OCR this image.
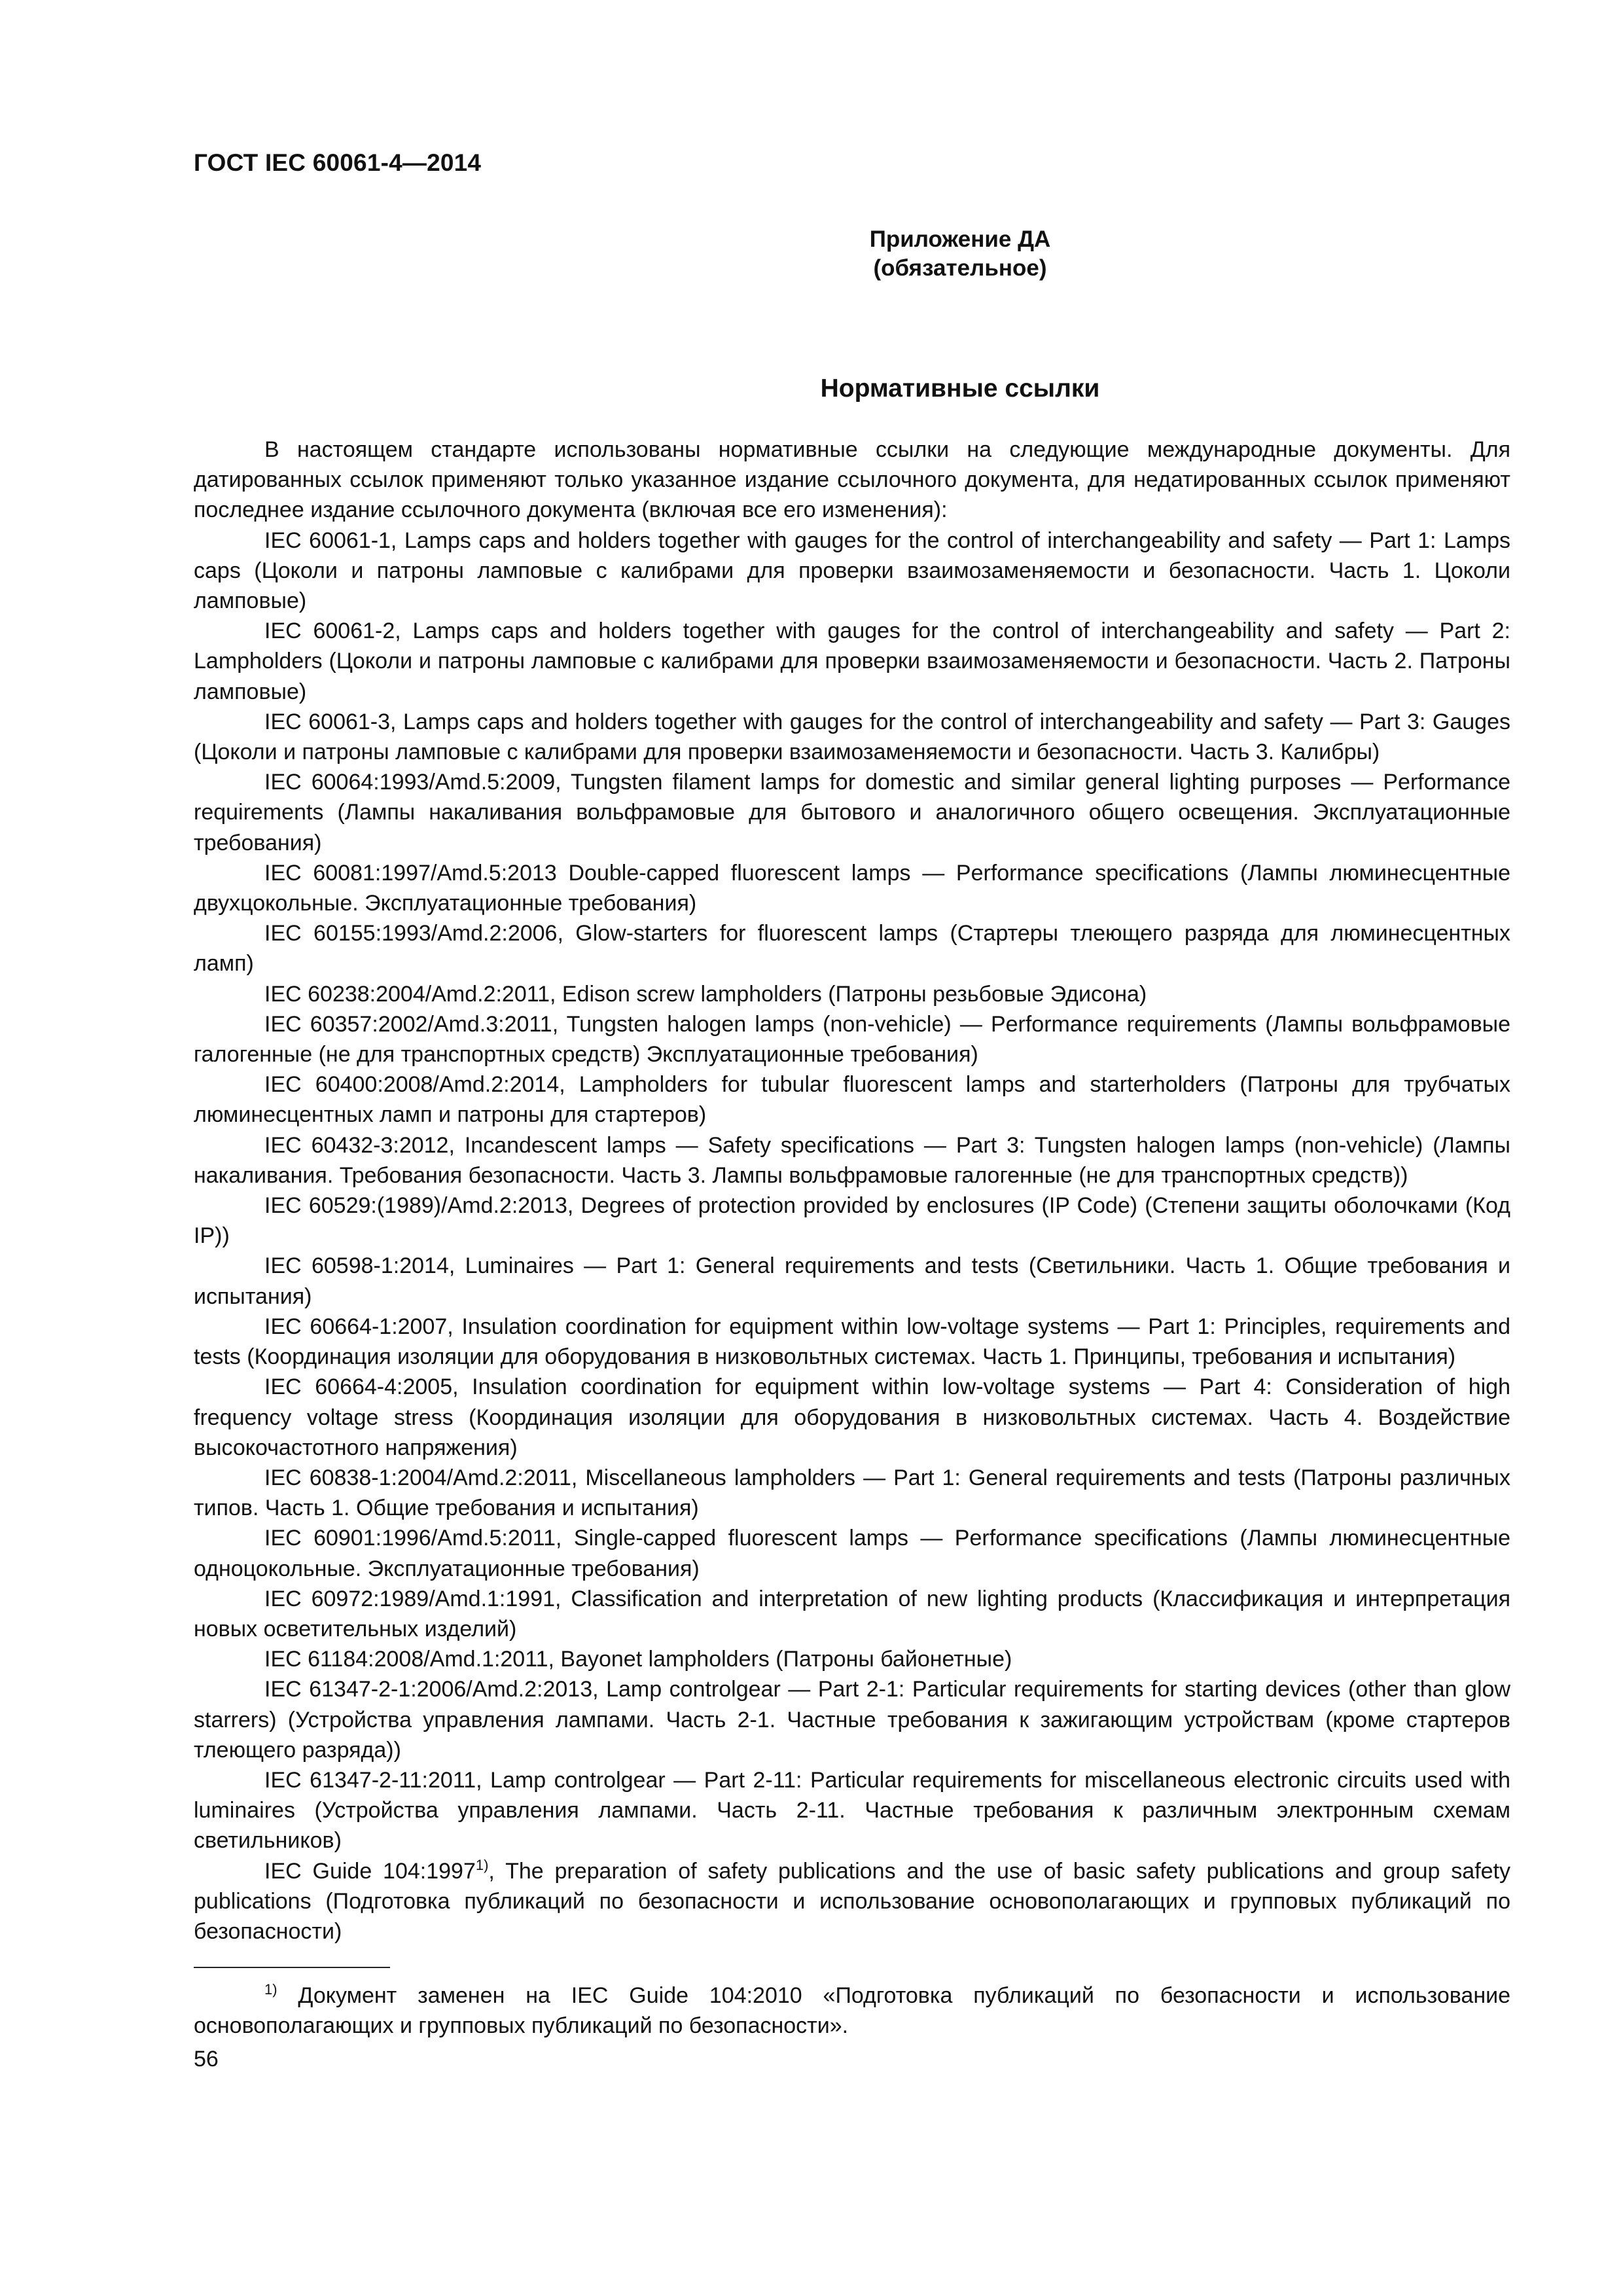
ГОСТ IEC 60061-4—2014
Приложение ДА
(обязательное)
Нормативные ссылки

В настоящем стандарте использованы нормативные ссылки на следующие международные документы. Для датированных ссылок применяют только указанное издание ссылочного документа, для недатированных ссылок применяют последнее издание ссылочного документа (включая все его изменения):

IEC 60061-1, Lamps caps and holders together with gauges for the control of interchangeability and safety — Part 1: Lamps caps (Цоколи и патроны ламповые с калибрами для проверки взаимозаменяемости и безопасности. Часть 1. Цоколи ламповые)

IEC 60061-2, Lamps caps and holders together with gauges for the control of interchangeability and safety — Part 2: Lampholders (Цоколи и патроны ламповые с калибрами для проверки взаимозаменяемости и безопасности. Часть 2. Патроны ламповые)

IEC 60061-3, Lamps caps and holders together with gauges for the control of interchangeability and safety — Part 3: Gauges (Цоколи и патроны ламповые с калибрами для проверки взаимозаменяемости и безопасности. Часть 3. Калибры)

IEC 60064:1993/Amd.5:2009, Tungsten filament lamps for domestic and similar general lighting purposes — Performance requirements (Лампы накаливания вольфрамовые для бытового и аналогичного общего освещения. Эксплуатационные требования)

IEC 60081:1997/Amd.5:2013 Double-capped fluorescent lamps — Performance specifications (Лампы люминесцентные двухцокольные. Эксплуатационные требования)

IEC 60155:1993/Amd.2:2006, Glow-starters for fluorescent lamps (Стартеры тлеющего разряда для люминесцентных ламп)

IEC 60238:2004/Amd.2:2011, Edison screw lampholders (Патроны резьбовые Эдисона)

IEC 60357:2002/Amd.3:2011, Tungsten halogen lamps (non-vehicle) — Performance requirements (Лампы вольфрамовые галогенные (не для транспортных средств) Эксплуатационные требования)

IEC 60400:2008/Amd.2:2014, Lampholders for tubular fluorescent lamps and starterholders (Патроны для трубчатых люминесцентных ламп и патроны для стартеров)

IEC 60432-3:2012, Incandescent lamps — Safety specifications — Part 3: Tungsten halogen lamps (non-vehicle) (Лампы накаливания. Требования безопасности. Часть 3. Лампы вольфрамовые галогенные (не для транспортных средств))

IEC 60529:(1989)/Amd.2:2013, Degrees of protection provided by enclosures (IP Code) (Степени защиты оболочками (Код IP))

IEC 60598-1:2014, Luminaires — Part 1: General requirements and tests (Светильники. Часть 1. Общие требования и испытания)

IEC 60664-1:2007, Insulation coordination for equipment within low-voltage systems — Part 1: Principles, requirements and tests (Координация изоляции для оборудования в низковольтных системах. Часть 1. Принципы, требования и испытания)

IEC 60664-4:2005, Insulation coordination for equipment within low-voltage systems — Part 4: Consideration of high frequency voltage stress (Координация изоляции для оборудования в низковольтных системах. Часть 4. Воздействие высокочастотного напряжения)

IEC 60838-1:2004/Amd.2:2011, Miscellaneous lampholders — Part 1: General requirements and tests (Патроны различных типов. Часть 1. Общие требования и испытания)

IEC 60901:1996/Amd.5:2011, Single-capped fluorescent lamps — Performance specifications (Лампы люминесцентные одноцокольные. Эксплуатационные требования)

IEC 60972:1989/Amd.1:1991, Classification and interpretation of new lighting products (Классификация и интерпретация новых осветительных изделий)

IEC 61184:2008/Amd.1:2011, Bayonet lampholders (Патроны байонетные)

IEC 61347-2-1:2006/Amd.2:2013, Lamp controlgear — Part 2-1: Particular requirements for starting devices (other than glow starrers) (Устройства управления лампами. Часть 2-1. Частные требования к зажигающим устройствам (кроме стартеров тлеющего разряда))

IEC 61347-2-11:2011, Lamp controlgear — Part 2-11: Particular requirements for miscellaneous electronic circuits used with luminaires (Устройства управления лампами. Часть 2-11. Частные требования к различным электронным схемам светильников)

IEC Guide 104:1997$^{1)}$, The preparation of safety publications and the use of basic safety publications and group safety publications (Подготовка публикаций по безопасности и использование основополагающих и групповых публикаций по безопасности)

$^{1)}$ Документ заменен на IEC Guide 104:2010 «Подготовка публикаций по безопасности и использование основополагающих и групповых публикаций по безопасности».

56
